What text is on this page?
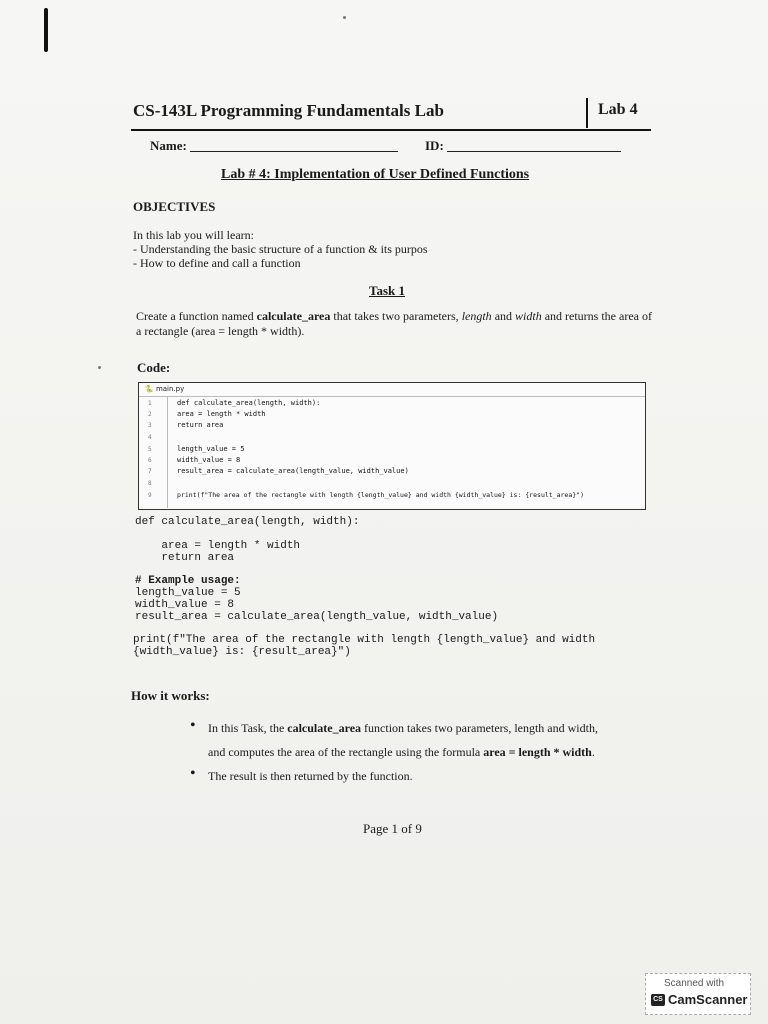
CS-143L Programming Fundamentals Lab	Lab 4
Name:	ID:
Lab # 4: Implementation of User Defined Functions
OBJECTIVES
In this lab you will learn:
- Understanding the basic structure of a function & its purpos
- How to define and call a function
Task 1
Create a function named calculate_area that takes two parameters, length and width and returns the area of a rectangle (area = length * width).
Code:
🐍 main.py
1	def calculate_area(length, width):
2	area = length * width
3	return area
4
5	length_value = 5
6	width_value = 8
7	result_area = calculate_area(length_value, width_value)
8
9	print(f"The area of the rectangle with length {length_value} and width {width_value} is: {result_area}")
def calculate_area(length, width):
area = length * width
return area
# Example usage:
length_value = 5
width_value = 8
result_area = calculate_area(length_value, width_value)
print(f"The area of the rectangle with length {length_value} and width
{width_value} is: {result_area}")
How it works:
• In this Task, the calculate_area function takes two parameters, length and width,
and computes the area of the rectangle using the formula area = length * width.
• The result is then returned by the function.
Page 1 of 9
Scanned with
CS CamScanner
